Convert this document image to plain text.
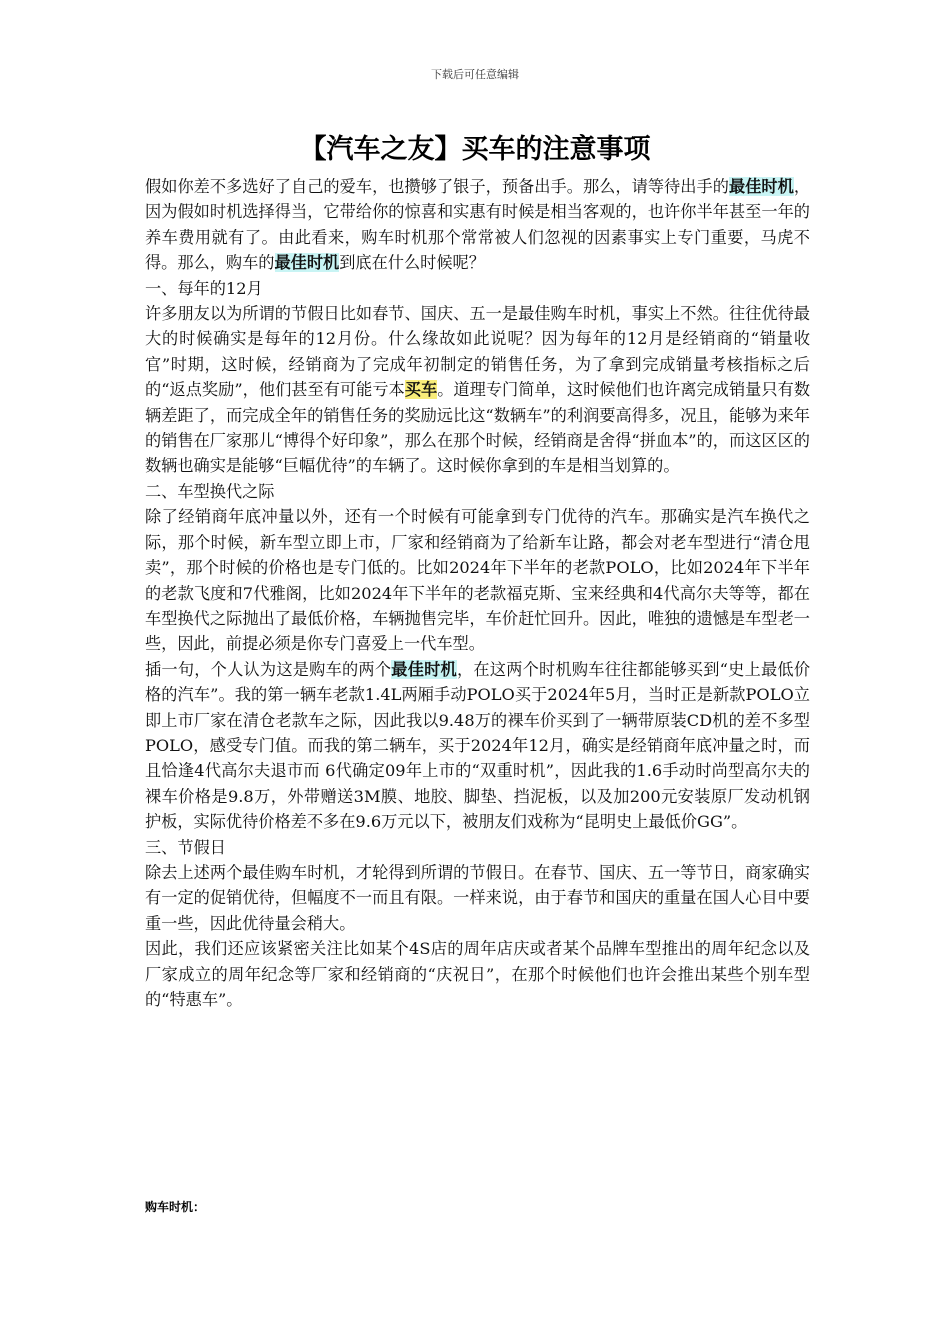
下载后可任意编辑
【汽车之友】买车的注意事项

假如你差不多选好了自己的爱车，也攒够了银子，预备出手。那么，请等待出手的最佳时机，因为假如时机选择得当，它带给你的惊喜和实惠有时候是相当客观的，也许你半年甚至一年的养车费用就有了。由此看来，购车时机那个常常被人们忽视的因素事实上专门重要，马虎不得。那么，购车的最佳时机到底在什么时候呢？

一、每年的12月

许多朋友以为所谓的节假日比如春节、国庆、五一是最佳购车时机，事实上不然。往往优待最大的时候确实是每年的12月份。什么缘故如此说呢？因为每年的12月是经销商的“销量收官”时期，这时候，经销商为了完成年初制定的销售任务，为了拿到完成销量考核指标之后的“返点奖励”，他们甚至有可能亏本买车。道理专门简单，这时候他们也许离完成销量只有数辆差距了，而完成全年的销售任务的奖励远比这“数辆车”的利润要高得多，况且，能够为来年的销售在厂家那儿“博得个好印象”，那么在那个时候，经销商是舍得“拼血本”的，而这区区的数辆也确实是能够“巨幅优待”的车辆了。这时候你拿到的车是相当划算的。

二、车型换代之际

除了经销商年底冲量以外，还有一个时候有可能拿到专门优待的汽车。那确实是汽车换代之际，那个时候，新车型立即上市，厂家和经销商为了给新车让路，都会对老车型进行“清仓甩卖”，那个时候的价格也是专门低的。比如2024年下半年的老款POLO，比如2024年下半年的老款飞度和7代雅阁，比如2024年下半年的老款福克斯、宝来经典和4代高尔夫等等，都在车型换代之际抛出了最低价格，车辆抛售完毕，车价赶忙回升。因此，唯独的遗憾是车型老一些，因此，前提必须是你专门喜爱上一代车型。

插一句，个人认为这是购车的两个最佳时机，在这两个时机购车往往都能够买到“史上最低价格的汽车”。我的第一辆车老款1.4L两厢手动POLO买于2024年5月，当时正是新款POLO立即上市厂家在清仓老款车之际，因此我以9.48万的裸车价买到了一辆带原装CD机的差不多型POLO，感受专门值。而我的第二辆车，买于2024年12月，确实是经销商年底冲量之时，而且恰逢4代高尔夫退市而 6代确定09年上市的“双重时机”，因此我的1.6手动时尚型高尔夫的裸车价格是9.8万，外带赠送3M膜、地胶、脚垫、挡泥板，以及加200元安装原厂发动机钢护板，实际优待价格差不多在9.6万元以下，被朋友们戏称为“昆明史上最低价GG”。

三、节假日

除去上述两个最佳购车时机，才轮得到所谓的节假日。在春节、国庆、五一等节日，商家确实有一定的促销优待，但幅度不一而且有限。一样来说，由于春节和国庆的重量在国人心目中要重一些，因此优待量会稍大。

因此，我们还应该紧密关注比如某个4S店的周年店庆或者某个品牌车型推出的周年纪念以及厂家成立的周年纪念等厂家和经销商的“庆祝日”，在那个时候他们也许会推出某些个别车型的“特惠车”。

购车时机：
